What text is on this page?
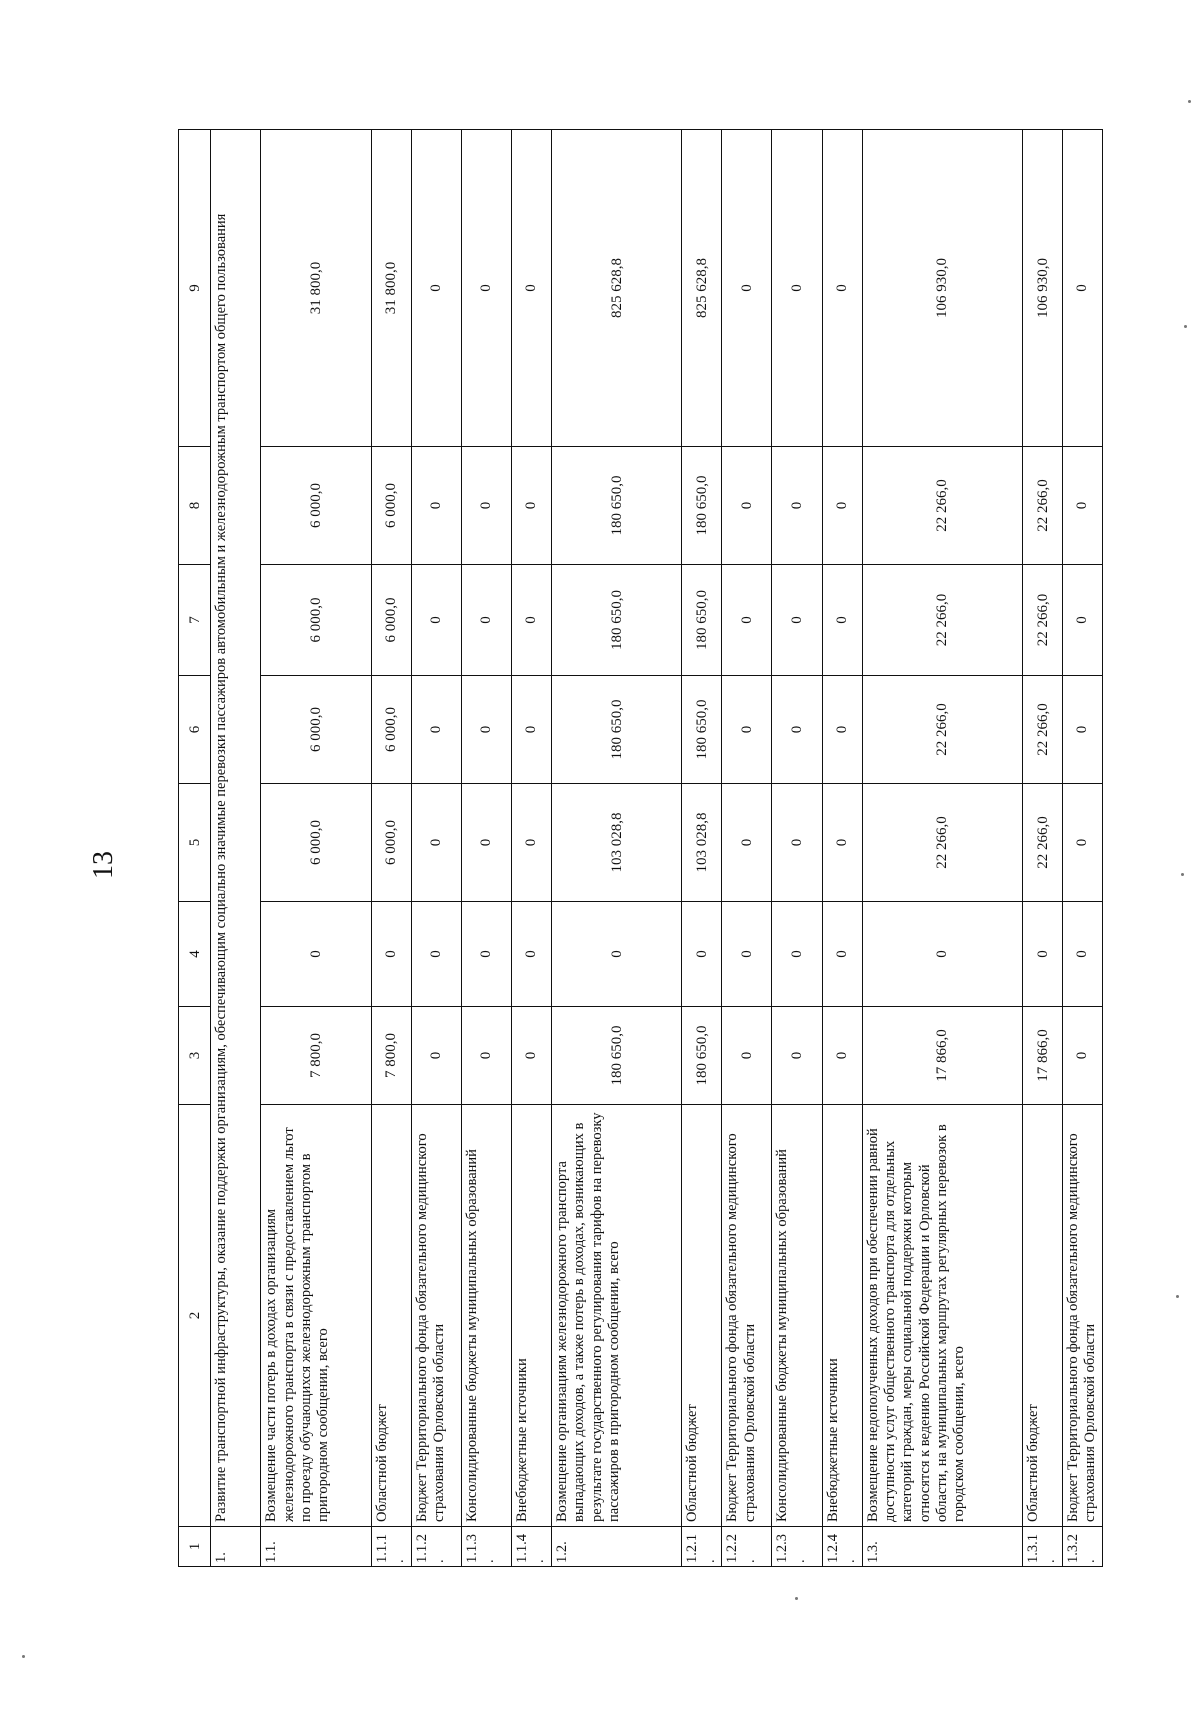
13
1	2	3	4	5	6	7	8	9
1.	Развитие транспортной инфраструктуры, оказание поддержки организациям, обеспечивающим социально значимые перевозки пассажиров автомобильным и железнодорожным транспортом общего пользования							
1.1.	Возмещение части потерь в доходах организациям железнодорожного транспорта в связи с предоставлением льгот по проезду обучающихся железнодорожным транспортом в пригородном сообщении, всего	7 800,0	0	6 000,0	6 000,0	6 000,0	6 000,0	31 800,0
1.1.1.	Областной бюджет	7 800,0	0	6 000,0	6 000,0	6 000,0	6 000,0	31 800,0
1.1.2.	Бюджет Территориального фонда обязательного медицинского страхования Орловской области	0	0	0	0	0	0	0
1.1.3.	Консолидированные бюджеты муниципальных образований	0	0	0	0	0	0	0
1.1.4.	Внебюджетные источники	0	0	0	0	0	0	0
1.2.	Возмещение организациям железнодорожного транспорта выпадающих доходов, а также потерь в доходах, возникающих в результате государственного регулирования тарифов на перевозку пассажиров в пригородном сообщении, всего	180 650,0	0	103 028,8	180 650,0	180 650,0	180 650,0	825 628,8
1.2.1.	Областной бюджет	180 650,0	0	103 028,8	180 650,0	180 650,0	180 650,0	825 628,8
1.2.2.	Бюджет Территориального фонда обязательного медицинского страхования Орловской области	0	0	0	0	0	0	0
1.2.3.	Консолидированные бюджеты муниципальных образований	0	0	0	0	0	0	0
1.2.4.	Внебюджетные источники	0	0	0	0	0	0	0
1.3.	Возмещение недополученных доходов при обеспечении равной доступности услуг общественного транспорта для отдельных категорий граждан, меры социальной поддержки которым относятся к ведению Российской Федерации и Орловской области, на муниципальных маршрутах регулярных перевозок в городском сообщении, всего	17 866,0	0	22 266,0	22 266,0	22 266,0	22 266,0	106 930,0
1.3.1.	Областной бюджет	17 866,0	0	22 266,0	22 266,0	22 266,0	22 266,0	106 930,0
1.3.2.	Бюджет Территориального фонда обязательного медицинского страхования Орловской области	0	0	0	0	0	0	0
